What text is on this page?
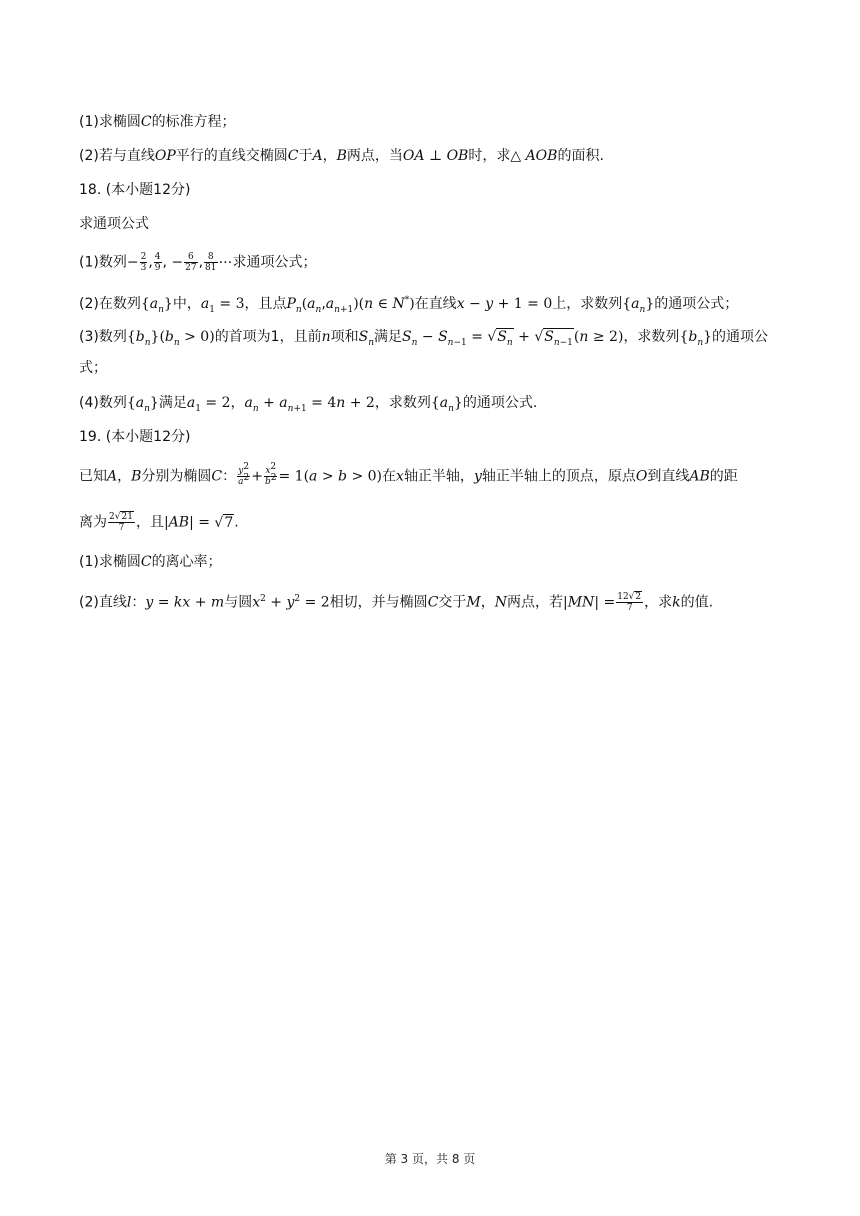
(1)求椭圆C的标准方程；
(2)若与直线OP平行的直线交椭圆C于A，B两点，当OA ⊥ OB时，求△ AOB的面积.
18. (本小题12分)
求通项公式
(1)数列− $\frac{2}{3}$ , $\frac{4}{9}$ , − $\frac{6}{27}$ , $\frac{8}{81}$ ⋯求通项公式；
(2)在数列$\{a_n\}$中，$a_1 = 3$，且点$P_n(a_n,a_{n+1})(n$ ∈ N*)在直线x − y + 1 = 0上，求数列$\{a_n\}$的通项公式；
(3)数列$\{b_n\}(b_n > 0)$的首项为1，且前n项和$S_n$满足$S_n - S_{n-1} = √S_n + √S_{n-1}(n \ge 2)$，求数列$\{b_n\}$的通项公
式；
(4)数列$\{a_n\}$满足$a_1 = 2$，$a_n + a_{n+1} = 4n + 2$，求数列$\{a_n\}$的通项公式.
19. (本小题12分)
已知A，B分别为椭圆C： $\frac{y^2}{a^2} + \frac{x^2}{b^2} = 1(a > b > 0)$在x轴正半轴，y轴正半轴上的顶点，原点O到直线AB的距
离为 $\frac{2√21}{7}$ ，且|AB| = √7.
(1)求椭圆C的离心率；
(2)直线l：y = kx + m与圆$x^2 + y^2 = 2$相切，并与椭圆C交于M，N两点，若$|MN| = \frac{12√2}{7}$ ，求k的值.
第 3 页，共 8 页
